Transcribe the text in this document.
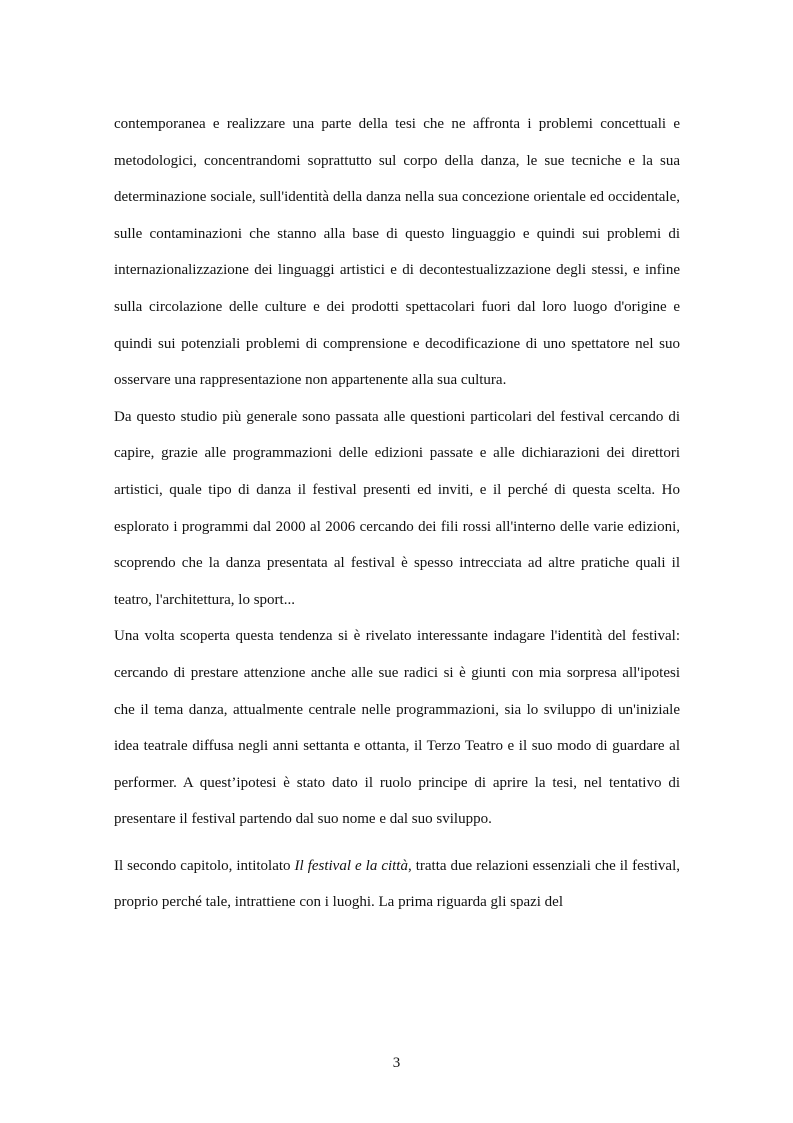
contemporanea e realizzare una parte della tesi che ne affronta i problemi concettuali e metodologici, concentrandomi soprattutto sul corpo della danza, le sue tecniche e la sua determinazione sociale, sull'identità della danza nella sua concezione orientale ed occidentale, sulle contaminazioni che stanno alla base di questo linguaggio e quindi sui problemi di internazionalizzazione dei linguaggi artistici e di decontestualizzazione degli stessi, e infine sulla circolazione delle culture e dei prodotti spettacolari fuori dal loro luogo d'origine e quindi sui potenziali problemi di comprensione e decodificazione di uno spettatore nel suo osservare una rappresentazione non appartenente alla sua cultura.

Da questo studio più generale sono passata alle questioni particolari del festival cercando di capire, grazie alle programmazioni delle edizioni passate e alle dichiarazioni dei direttori artistici, quale tipo di danza il festival presenti ed inviti, e il perché di questa scelta. Ho esplorato i programmi dal 2000 al 2006 cercando dei fili rossi all'interno delle varie edizioni, scoprendo che la danza presentata al festival è spesso intrecciata ad altre pratiche quali il teatro, l'architettura, lo sport...

Una volta scoperta questa tendenza si è rivelato interessante indagare l'identità del festival: cercando di prestare attenzione anche alle sue radici si è giunti con mia sorpresa all'ipotesi che il tema danza, attualmente centrale nelle programmazioni, sia lo sviluppo di un'iniziale idea teatrale diffusa negli anni settanta e ottanta, il Terzo Teatro e il suo modo di guardare al performer. A quest’ipotesi è stato dato il ruolo principe di aprire la tesi, nel tentativo di presentare il festival partendo dal suo nome e dal suo sviluppo.

Il secondo capitolo, intitolato Il festival e la città, tratta due relazioni essenziali che il festival, proprio perché tale, intrattiene con i luoghi. La prima riguarda gli spazi del

3
